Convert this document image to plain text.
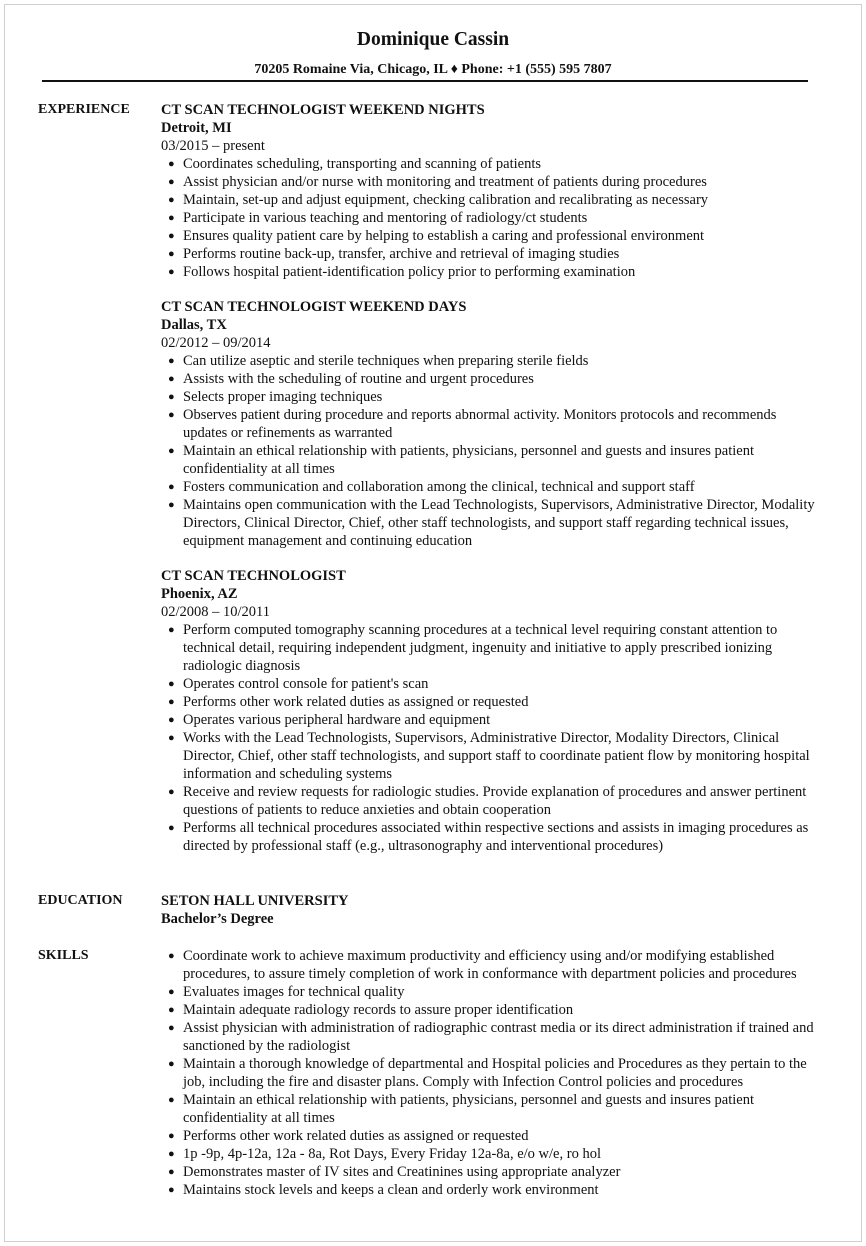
Dominique Cassin
70205 Romaine Via, Chicago, IL ♦ Phone: +1 (555) 595 7807
EXPERIENCE CT SCAN TECHNOLOGIST WEEKEND NIGHTS
Detroit, MI
03/2015 – present
● Coordinates scheduling, transporting and scanning of patients
● Assist physician and/or nurse with monitoring and treatment of patients during procedures
● Maintain, set-up and adjust equipment, checking calibration and recalibrating as necessary
● Participate in various teaching and mentoring of radiology/ct students
● Ensures quality patient care by helping to establish a caring and professional environment
● Performs routine back-up, transfer, archive and retrieval of imaging studies
● Follows hospital patient-identification policy prior to performing examination
CT SCAN TECHNOLOGIST WEEKEND DAYS
Dallas, TX
02/2012 – 09/2014
● Can utilize aseptic and sterile techniques when preparing sterile fields
● Assists with the scheduling of routine and urgent procedures
● Selects proper imaging techniques
● Observes patient during procedure and reports abnormal activity. Monitors protocols and recommends updates or refinements as warranted
● Maintain an ethical relationship with patients, physicians, personnel and guests and insures patient confidentiality at all times
● Fosters communication and collaboration among the clinical, technical and support staff
● Maintains open communication with the Lead Technologists, Supervisors, Administrative Director, Modality Directors, Clinical Director, Chief, other staff technologists, and support staff regarding technical issues, equipment management and continuing education
CT SCAN TECHNOLOGIST
Phoenix, AZ
02/2008 – 10/2011
● Perform computed tomography scanning procedures at a technical level requiring constant attention to technical detail, requiring independent judgment, ingenuity and initiative to apply prescribed ionizing radiologic diagnosis
● Operates control console for patient's scan
● Performs other work related duties as assigned or requested
● Operates various peripheral hardware and equipment
● Works with the Lead Technologists, Supervisors, Administrative Director, Modality Directors, Clinical Director, Chief, other staff technologists, and support staff to coordinate patient flow by monitoring hospital information and scheduling systems
● Receive and review requests for radiologic studies. Provide explanation of procedures and answer pertinent questions of patients to reduce anxieties and obtain cooperation
● Performs all technical procedures associated within respective sections and assists in imaging procedures as directed by professional staff (e.g., ultrasonography and interventional procedures)
EDUCATION	SETON HALL UNIVERSITY
Bachelor’s Degree
SKILLS	● Coordinate work to achieve maximum productivity and efficiency using and/or modifying established procedures, to assure timely completion of work in conformance with department policies and procedures
● Evaluates images for technical quality
● Maintain adequate radiology records to assure proper identification
● Assist physician with administration of radiographic contrast media or its direct administration if trained and sanctioned by the radiologist
● Maintain a thorough knowledge of departmental and Hospital policies and Procedures as they pertain to the job, including the fire and disaster plans. Comply with Infection Control policies and procedures
● Maintain an ethical relationship with patients, physicians, personnel and guests and insures patient confidentiality at all times
● Performs other work related duties as assigned or requested
● 1p -9p, 4p-12a, 12a - 8a, Rot Days, Every Friday 12a-8a, e/o w/e, ro hol
● Demonstrates master of IV sites and Creatinines using appropriate analyzer
● Maintains stock levels and keeps a clean and orderly work environment
